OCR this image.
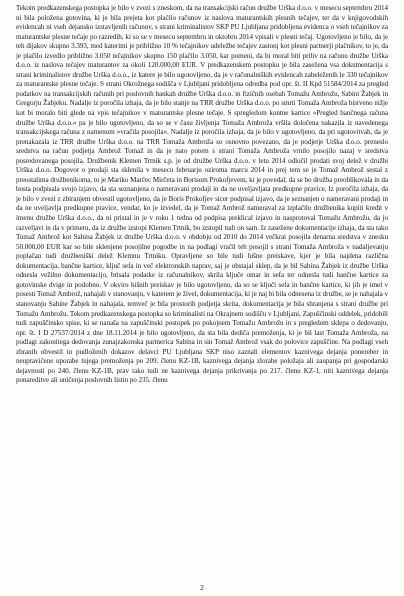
Tekom predkazenskega postopka je bilo v zvezi s zneskom, da na transakcijski račun družbe Urška d.o.o. v mesecu septembru 2014 ni bila položena gotovina, ki je bila prejeta kot plačilo računov iz naslova maturantskih plesnih tečajev, ter da v knjigovodskih evidencah ni vseh dejansko izstavljenih računov, s strani kriminalistov SKP PU Ljubljana pridobljena evidenca o vseh tečajnikov za maturantske plesne tečaje po razredih, ki so se v mesecu septembru in oktobru 2014 vpisali v plesni tečaj. Ugotovljeno je bilo, da je teh dijakov skupno 3.393, med katerimi je približno 10 % tečajnikov udeležbe tečajev zastonj kot plesni partnerji plačnikov, to je, da je plačilo izvedlo približno 3.050 tečajnikov skupno 150 plačilo 3.050, kar pomeni, da bi moral biti priliv na računu družbe Urška d.o.o. iz naslova tečajev maturantov za okoli 120.000,00 EUR. V predkazenskem postopku je bila zasežena vsa dokumentacija s strani kriminalistov družbe Urška d.o.o., iz katere je bilo ugotovljeno, da je v računalniških evidencah zabeleženih le 330 tečajnikov za maturantske plesne tečaje. S strani Okrožnega sodišča v Ljubljani pridobljena odredba pod opr. št. II Kpd 51584/2014 za pregled podatkov na transakcijskih računih pri poslovnih bankah družbe Urška d.o.o. in fizičnih osebah Tomažu Ambrožu, Sabini Žabjek in Gregorju Žabjeku. Nadalje iz poročila izhaja, da je bilo stanje na TRR družbe Urška d.o.o. po smrti Tomaža Ambroža bistveno nižje kot bi moralo biti glede na vpis tečajnikov v maturantske plesne tečaje. S spregledom kontne kartice »Pregled bančnega računa družbe Urška d.o.o.« pa je bilo ugotovljeno, da so se v času življenja Tomaža Ambroža vršila določena nakazila iz navedenega transakcijskega računa z namenom »vračila posojila«. Nadalje iz poročila izhaja, da je bilo v ugotovljeno, da pri ugotovitvah, da je prenakazala iz TRR družbe Urška d.o.o. na TRR Tomaža Ambroža so osnovno povezano, da je podjetje Urška d.o.o. preneslo sredstva na račun podjetja Ambrož Tomaž in da je nato potem s strani Tomaža Ambroža vrnilo posojilo nazaj v sredstva posredovanega posojila. Družbenik Klemen Trtnik s.p. je od družbe Urška d.o.o. v letu 2014 odločil prodati svoj delež v družbi Urška d.o.o. Dogovor o prodaji sta sklenila v mesecu februarju oziroma marcu 2014 in prej tem se je Tomaž Ambrož sestal z preostalima družbenikoma, to je Mariko Marčec Mirčeta in Borisom Prokofjevem, ki je povedal, da se bo družba preoblikovala in da bosta podpisala svojo izjavo, da sta seznanjena o nameravani prodaji in da ne uveljavljata predkupne pravice. Iz poročila izhaja, da je bilo v zvezi z zbiranjem obvestil ugotovljeno, da je Boris Prokofjev sicer podpisal izjavo, da je seznanjen o nameravani prodaji in da ne uveljavlja predkupne pravice, vendar, ko je izvedel, da je Tomaž Ambrož nameraval za izplačilo družbenika kupiti kredit v imenu družbe Urška d.o.o., da ni pristal in je v roku 1 tedna od podpisa preklical izjavo in nasprotoval Tomažu Ambrožu, da jo razveljavi in da v primeru, da iz družbe izstopi Klemen Trtnik, bo izstopil tudi on sam. Iz zasežene dokumentacije izhaja, da sta tako Tomaž Ambrož kot Sabina Žabjek iz družbe Urška d.o.o. v obdobju od 2010 do 2014 večkrat posojila denarna sredstva v znesku 50.000,00 EUR kar so bile sklenjene posojilne pogodbe in na podlagi vračil teh posojil s strani Tomaža Ambroža v nadaljevanju poplačan tudi družbeniški delež Klemnu Trtniku. Opravljene so bile tudi hišne preiskave, kjer je bila najdena različna dokumentacija, bančne kartice, ključ sefa in več elektronskih naprav, saj je obstajal sklep, da je bil Sabina Žabjek iz družbe Urška odnesla vežilno dokumentacijo, brisala podatke iz računalnikov, skrila ključe omar in sefa ter odnesla tudi bančne kartice za gotovinske dvige in podobno. V okviru hišnih preiskav je bilo ugotovljeno, da so se ključi sefa in bančne kartice, ki jih je imel v posesti Tomaž Ambrož, nahajali v stanovanju, v katerem je živel, dokumentacija, ki je naj bi bila odnesena iz družbe, se je nahajala v stanovanju Sabine Žabjek in nahajala, temveč je bila prostorih podjetja skrita, dokumentacija je bila shranjena s strani družbe pri Tomažu Ambrožu. Tekom predkazenskega postopka so kriminalisti na Okrajnem sodišču v Ljubljani, Zapuščinski oddelek, pridobili tudi zapuščinsko spise, ki se nanaša na zapuščinski postopek po pokojnem Tomažu Ambrožu in s pregledom sklepa o dedovanju, opr. št. I D 27537/2014 z dne 18.11.2014 je bilo ugotovljeno, da sta bila dediča premoženja, ki je bil last Tomaža Ambroža, na podlagi zakonitega dedovanja zunajzakonska partnerica Sabina in sin Tomaž Ambrož vsak do polovice zapuščine. Na podlagi vseh zbranih obvestil in pudloženih dokazov delavci PU Ljubljana SKP niso zaznali elementov kaznivega dejanja ponereber in neupravičene uporabe tujega premoženja po 209. členu KZ-1B, kaznivega dejanja zlorabe položaja ali zaupanja pri gospodarski dejavnosti po 240. členu KZ-1B, prav tako tudi ne kaznivega dejanja prikrivanja po 217. členu KZ-1, niti kaznivega dejanja ponareditve ali uničenja poslovnih listin po 235. členu

2
